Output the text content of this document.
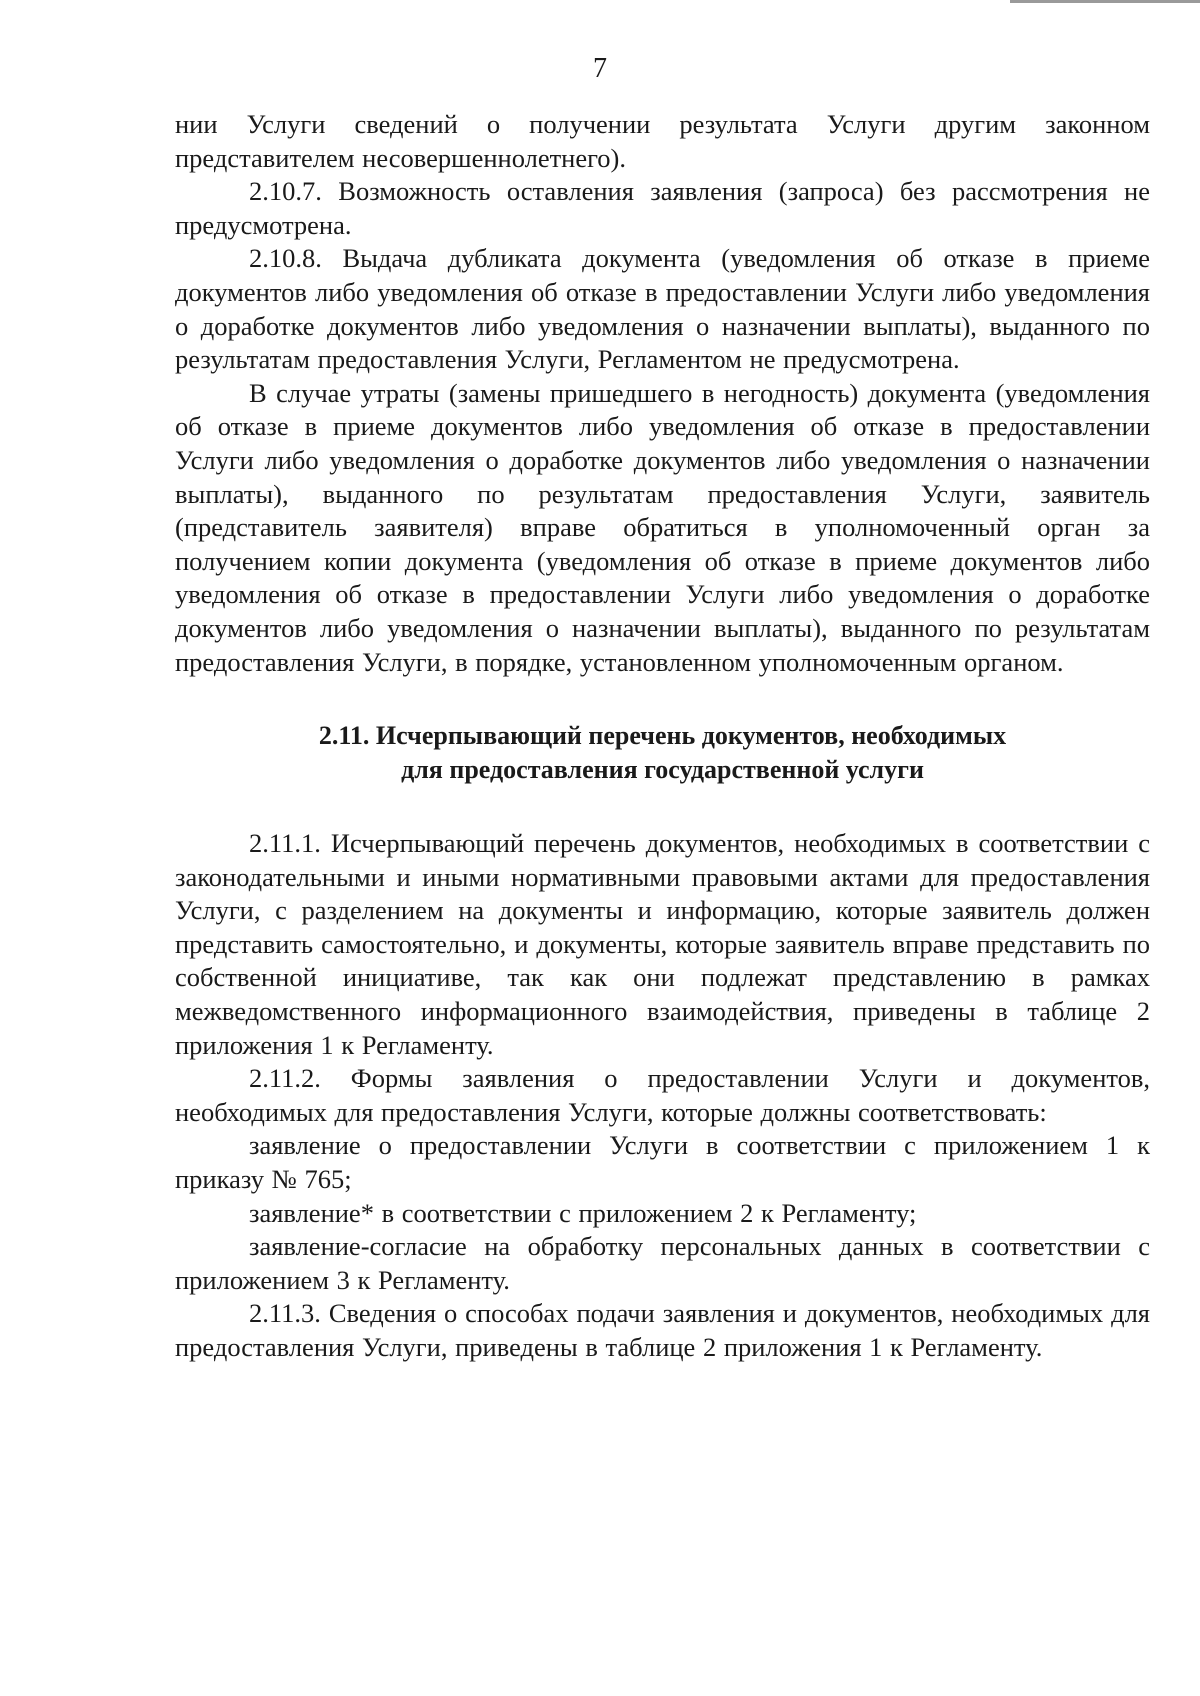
7

нии Услуги сведений о получении результата Услуги другим законном представителем несовершеннолетнего).

2.10.7. Возможность оставления заявления (запроса) без рассмотрения не предусмотрена.

2.10.8. Выдача дубликата документа (уведомления об отказе в приеме документов либо уведомления об отказе в предоставлении Услуги либо уведомления о доработке документов либо уведомления о назначении выплаты), выданного по результатам предоставления Услуги, Регламентом не предусмотрена.

В случае утраты (замены пришедшего в негодность) документа (уведомления об отказе в приеме документов либо уведомления об отказе в предоставлении Услуги либо уведомления о доработке документов либо уведомления о назначении выплаты), выданного по результатам предоставления Услуги, заявитель (представитель заявителя) вправе обратиться в уполномоченный орган за получением копии документа (уведомления об отказе в приеме документов либо уведомления об отказе в предоставлении Услуги либо уведомления о доработке документов либо уведомления о назначении выплаты), выданного по результатам предоставления Услуги, в порядке, установленном уполномоченным органом.

2.11. Исчерпывающий перечень документов, необходимых
для предоставления государственной услуги

2.11.1. Исчерпывающий перечень документов, необходимых в соответствии с законодательными и иными нормативными правовыми актами для предоставления Услуги, с разделением на документы и информацию, которые заявитель должен представить самостоятельно, и документы, которые заявитель вправе представить по собственной инициативе, так как они подлежат представлению в рамках межведомственного информационного взаимодействия, приведены в таблице 2 приложения 1 к Регламенту.

2.11.2. Формы заявления о предоставлении Услуги и документов, необходимых для предоставления Услуги, которые должны соответствовать:

заявление о предоставлении Услуги в соответствии с приложением 1 к приказу № 765;

заявление* в соответствии с приложением 2 к Регламенту;

заявление-согласие на обработку персональных данных в соответствии с приложением 3 к Регламенту.

2.11.3. Сведения о способах подачи заявления и документов, необходимых для предоставления Услуги, приведены в таблице 2 приложения 1 к Регламенту.
